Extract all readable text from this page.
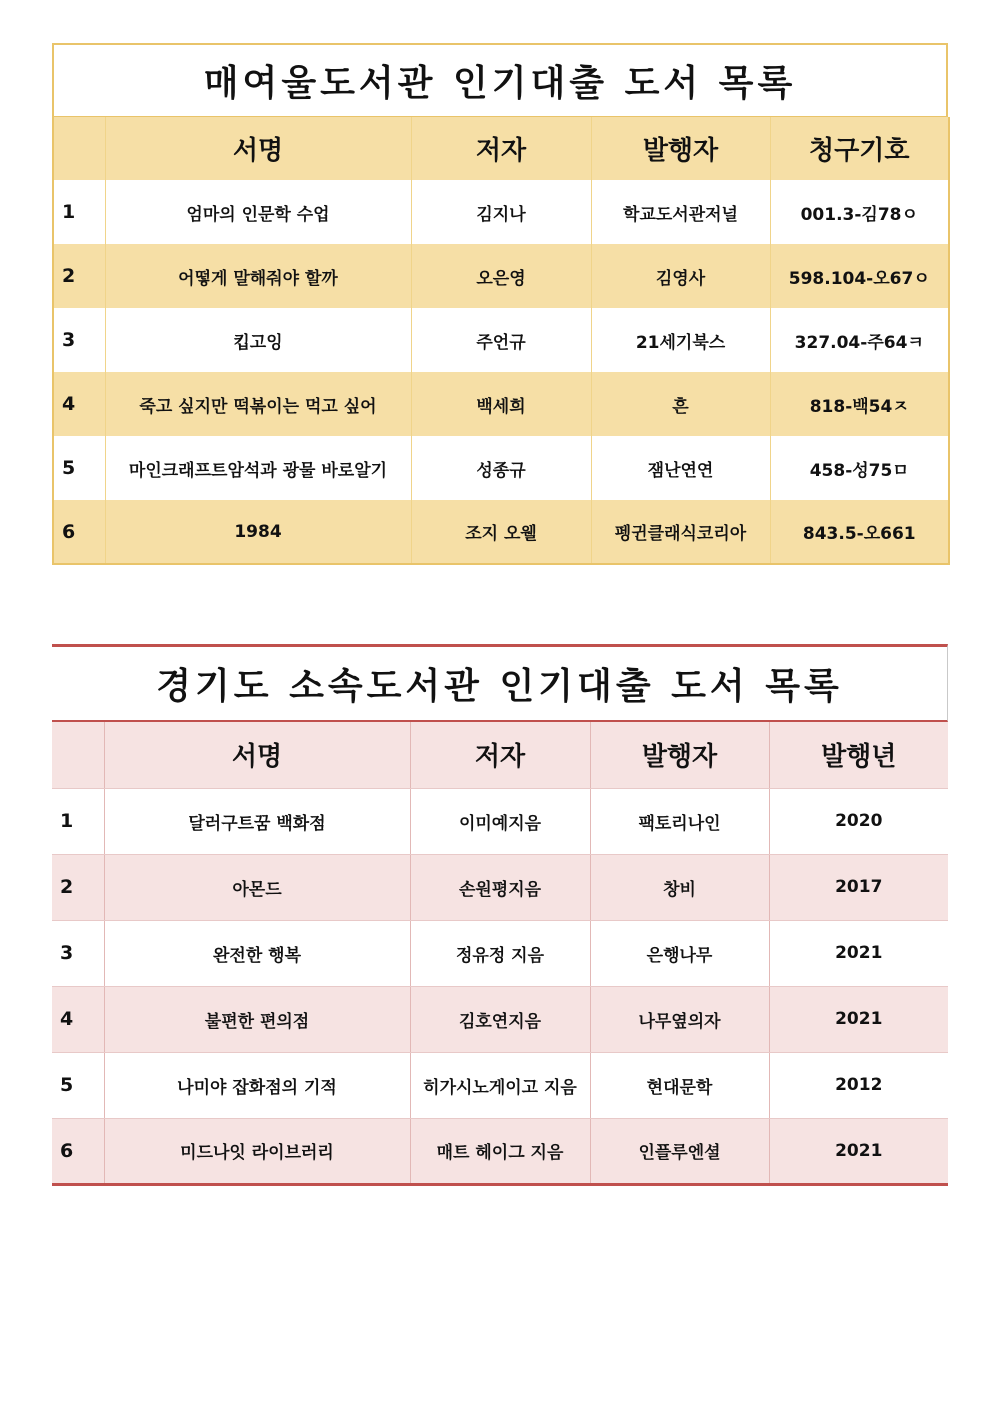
매여울도서관 인기대출 도서 목록
	서명	저자	발행자	청구기호
1	엄마의 인문학 수업	김지나	학교도서관저널	001.3-김78ㅇ
2	어떻게 말해줘야 할까	오은영	김영사	598.104-오67ㅇ
3	킵고잉	주언규	21세기북스	327.04-주64ㅋ
4	죽고 싶지만 떡볶이는 먹고 싶어	백세희	흔	818-백54ㅈ
5	마인크래프트암석과 광물 바로알기	성종규	잼난연연	458-성75ㅁ
6	1984	조지 오웰	펭귄클래식코리아	843.5-오661
경기도 소속도서관 인기대출 도서 목록
	서명	저자	발행자	발행년
1	달러구트꿈 백화점	이미예지음	팩토리나인	2020
2	아몬드	손원평지음	창비	2017
3	완전한 행복	정유정 지음	은행나무	2021
4	불편한 편의점	김호연지음	나무옆의자	2021
5	나미야 잡화점의 기적	히가시노게이고 지음	현대문학	2012
6	미드나잇 라이브러리	매트 헤이그 지음	인플루엔셜	2021
